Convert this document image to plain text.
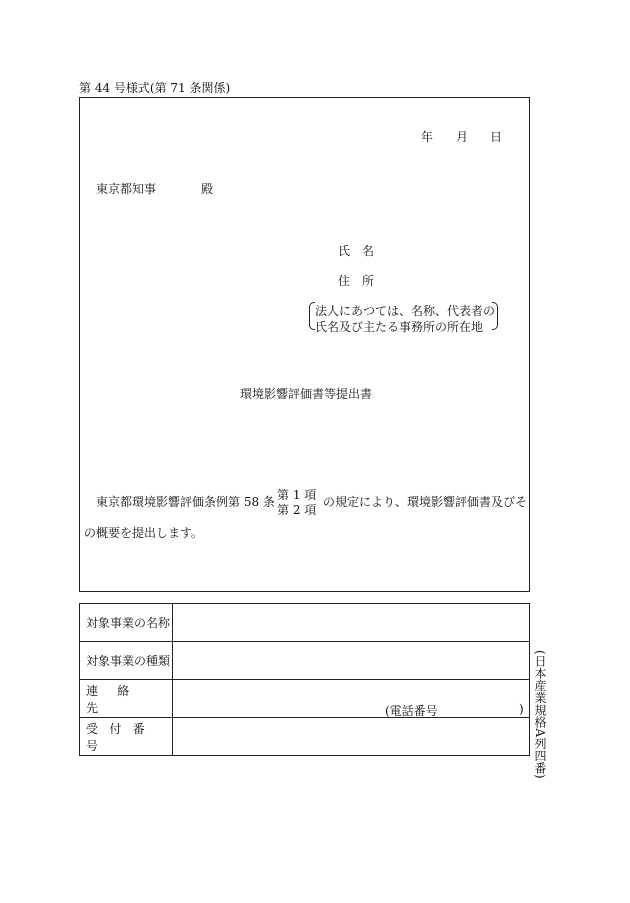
第 44 号様式(第 71 条関係)
年 月 日
東京都知事	殿
氏　名
住　所
法人にあつては、名称、代表者の
氏名及び主たる事務所の所在地
環境影響評価書等提出書
東京都環境影響評価条例第 58 条 第 1 項
第 2 項
の規定により、環境影響評価書及びそ
の概要を提出します。
対象事業の名称	
対象事業の種類	
連絡先	(電話番号 )

受付番号		(日本産業規格A列四番)
